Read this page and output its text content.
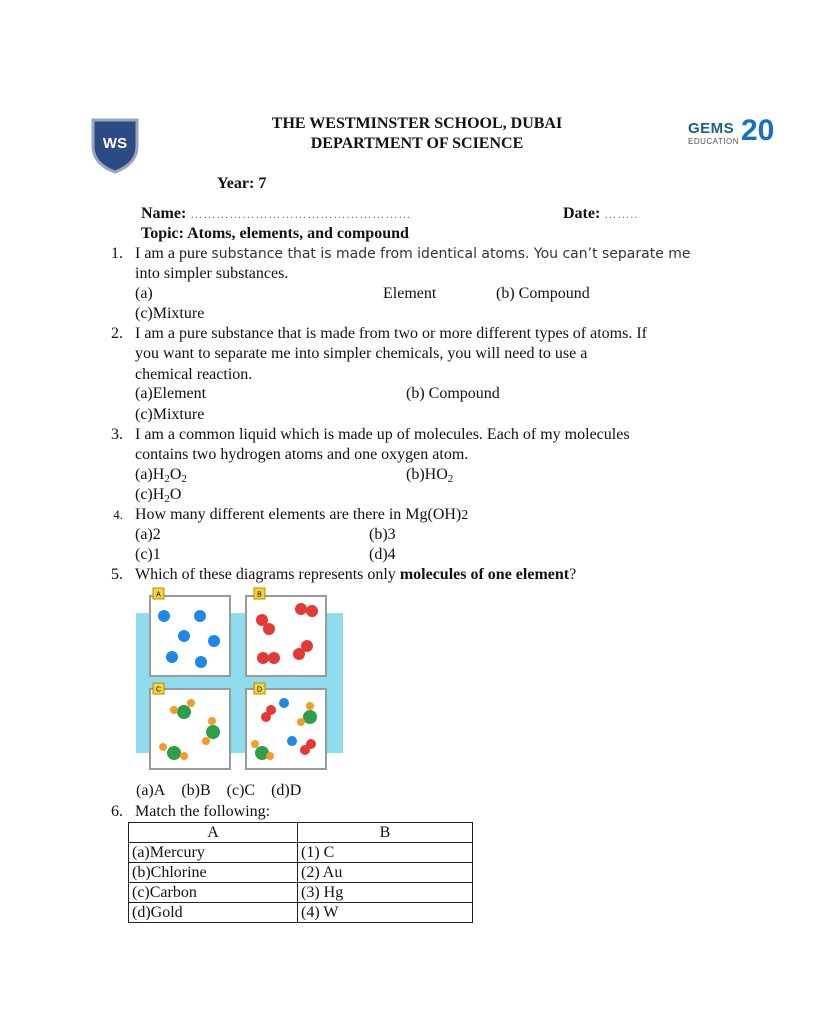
WS
GEMS
EDUCATION 20
THE WESTMINSTER SCHOOL, DUBAI
DEPARTMENT OF SCIENCE
Year: 7
Name: ……………………………………………	Date: ……..
Topic: Atoms, elements, and compound
1. I am a pure substance that is made from identical atoms. You can’t separate me
into simpler substances.
(a)	Element	(b) Compound
(c)Mixture
2. I am a pure substance that is made from two or more different types of atoms. If
you want to separate me into simpler chemicals, you will need to use a
chemical reaction.
(a)Element	(b) Compound
(c)Mixture
3. I am a common liquid which is made up of molecules. Each of my molecules
contains two hydrogen atoms and one oxygen atom.
$(a)H_2O_2$	$(b)HO_2$
$(c)H_2O$
4. How many different elements are there in Mg(OH)2
(a)2	(b)3
(c)1	(d)4
5. Which of these diagrams represents only molecules of one element?
A	B
C	D
(a)A (b)B (c)C (d)D
6. Match the following:
A	B
(a)Mercury	(1) C
(b)Chlorine	(2) Au
(c)Carbon	(3) Hg
(d)Gold	(4) W
